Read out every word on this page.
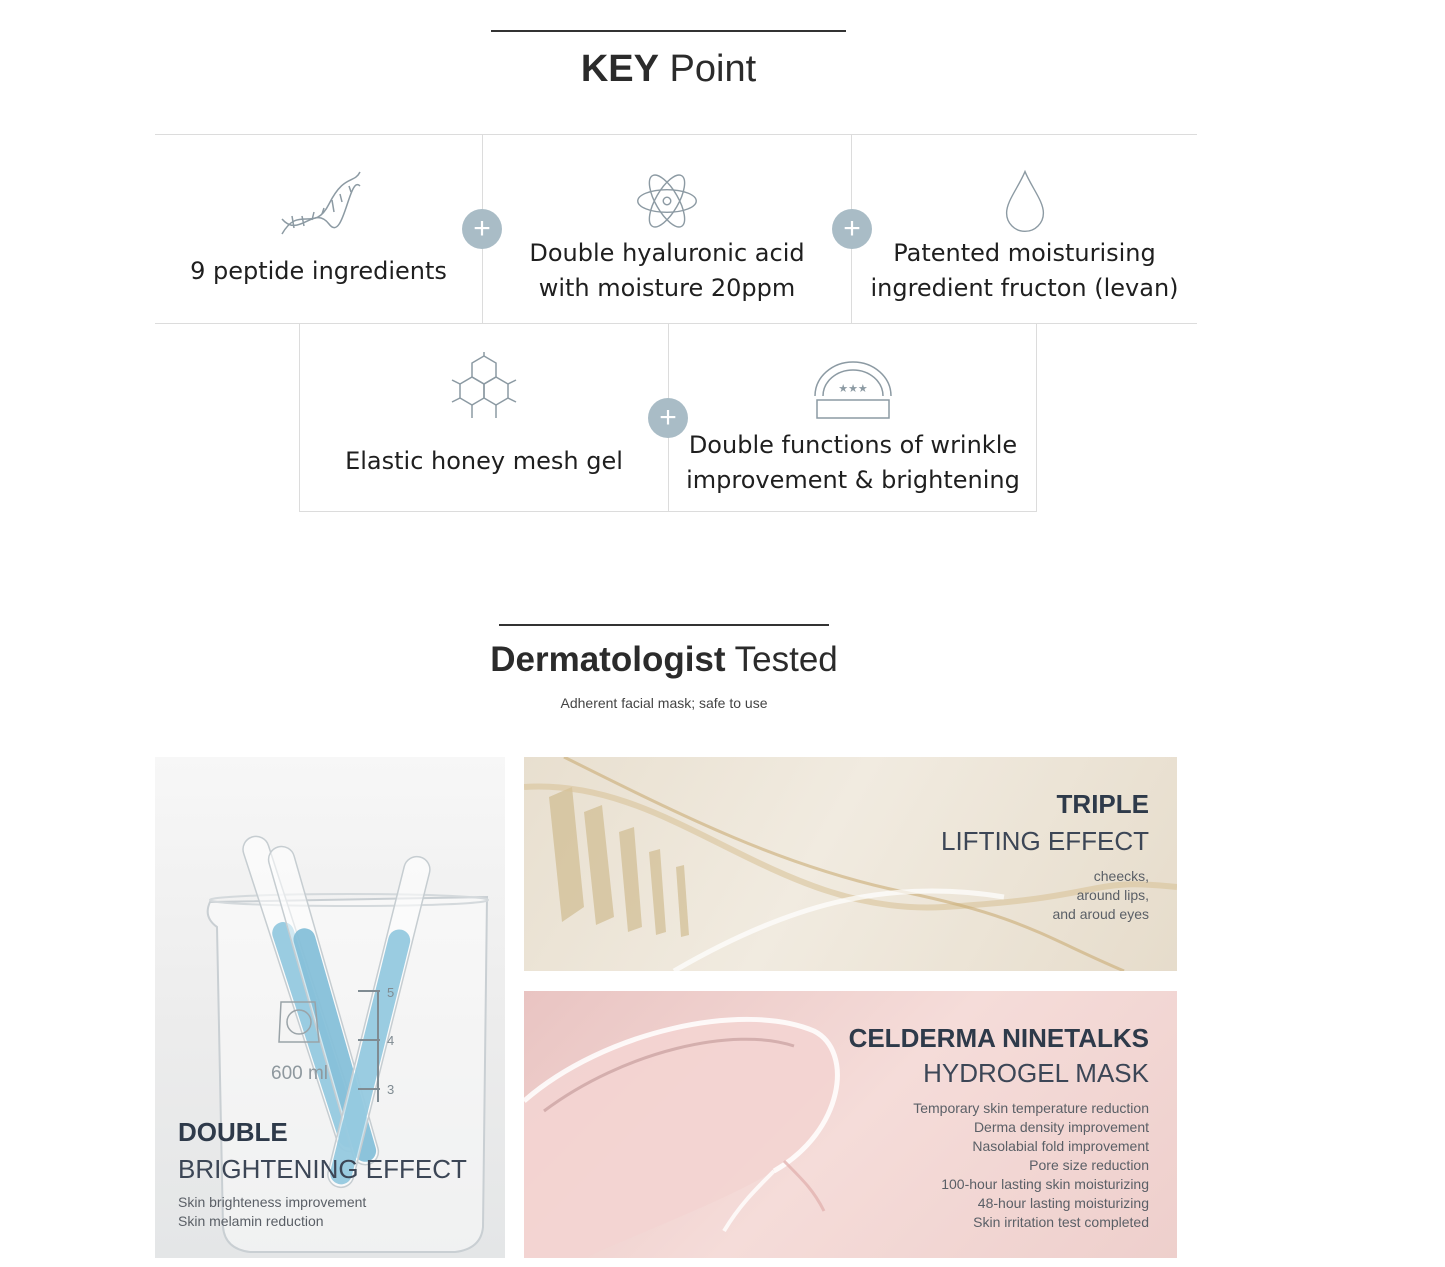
KEY Point
9 peptide ingredients
Double hyaluronic acid
with moisture 20ppm
Patented moisturising
ingredient fructon (levan)
Elastic honey mesh gel
★★★
Double functions of wrinkle
improvement & brightening
+	+
+
Dermatologist Tested
Adherent facial mask; safe to use
5
4
3
600 ml
DOUBLE
BRIGHTENING EFFECT
Skin brighteness improvement
Skin melamin reduction
TRIPLE
LIFTING EFFECT
cheecks,
around lips,
and aroud eyes
CELDERMA NINETALKS
HYDROGEL MASK
Temporary skin temperature reduction
Derma density improvement
Nasolabial fold improvement
Pore size reduction
100-hour lasting skin moisturizing
48-hour lasting moisturizing
Skin irritation test completed
